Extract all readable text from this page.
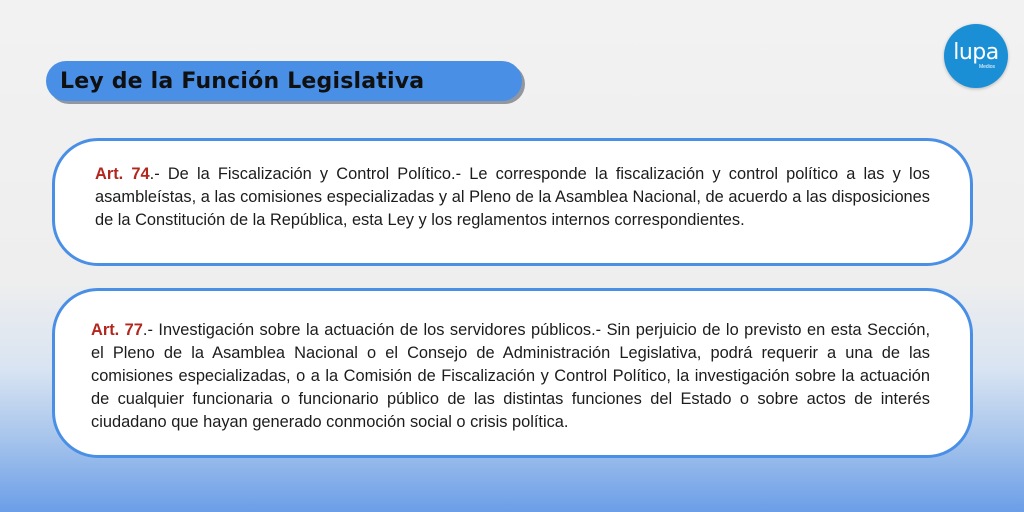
lupa
Medios
Ley de la Función Legislativa

Art. 74.- De la Fiscalización y Control Político.- Le corresponde la fiscalización y control político a las y los asambleístas, a las comisiones especializadas y al Pleno de la Asamblea Nacional, de acuerdo a las disposiciones de la Constitución de la República, esta Ley y los reglamentos internos correspondientes.

Art. 77.- Investigación sobre la actuación de los servidores públicos.- Sin perjuicio de lo previsto en esta Sección, el Pleno de la Asamblea Nacional o el Consejo de Administración Legislativa, podrá requerir a una de las comisiones especializadas, o a la Comisión de Fiscalización y Control Político, la investigación sobre la actuación de cualquier funcionaria o funcionario público de las distintas funciones del Estado o sobre actos de interés ciudadano que hayan generado conmoción social o crisis política.
